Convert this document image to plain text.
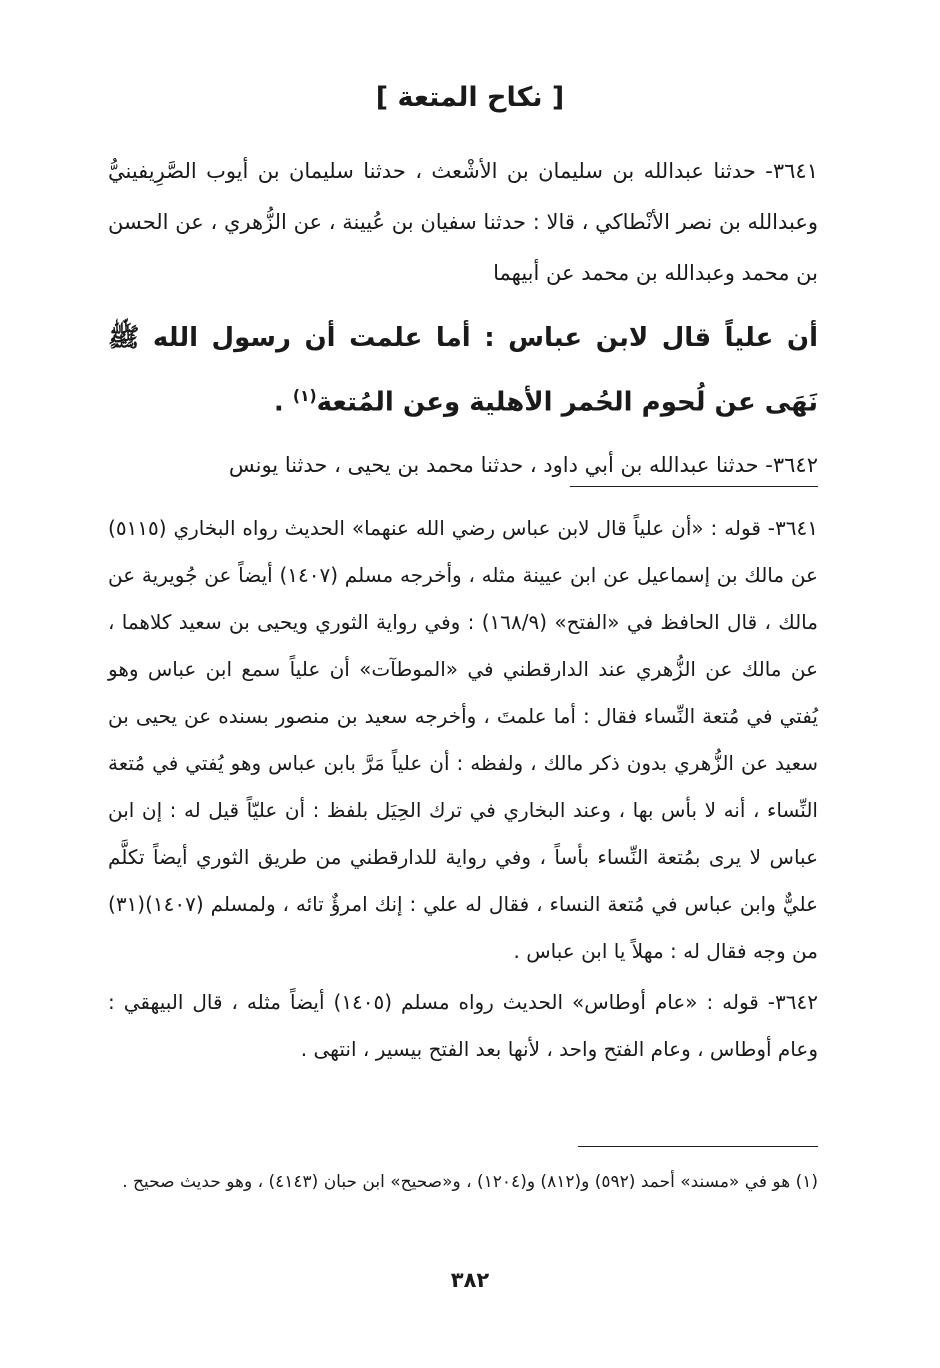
[ نكاح المتعة ]

٣٦٤١- حدثنا عبدالله بن سليمان بن الأشْعث ، حدثنا سليمان بن أيوب الصَّرِيفينيُّ وعبدالله بن نصر الأنْطاكي ، قالا : حدثنا سفيان بن عُيينة ، عن الزُّهري ، عن الحسن بن محمد وعبدالله بن محمد عن أبيهما

أن علياً قال لابن عباس : أما علمت أن رسول الله ﷺ نَهَى عن لُحوم الحُمر الأهلية وعن المُتعة$^{(١)}$ .

٣٦٤٢- حدثنا عبدالله بن أبي داود ، حدثنا محمد بن يحيى ، حدثنا يونس

٣٦٤١- قوله : «أن علياً قال لابن عباس رضي الله عنهما» الحديث رواه البخاري (٥١١٥) عن مالك بن إسماعيل عن ابن عيينة مثله ، وأخرجه مسلم (١٤٠٧) أيضاً عن جُويرية عن مالك ، قال الحافظ في «الفتح» (١٦٨/٩) : وفي رواية الثوري ويحيى بن سعيد كلاهما ، عن مالك عن الزُّهري عند الدارقطني في «الموطآت» أن علياً سمع ابن عباس وهو يُفتي في مُتعة النِّساء فقال : أما علمتَ ، وأخرجه سعيد بن منصور بسنده عن يحيى بن سعيد عن الزُّهري بدون ذكر مالك ، ولفظه : أن علياً مَرَّ بابن عباس وهو يُفتي في مُتعة النِّساء ، أنه لا بأس بها ، وعند البخاري في ترك الحِيَل بلفظ : أن عليّاً قيل له : إن ابن عباس لا يرى بمُتعة النِّساء بأساً ، وفي رواية للدارقطني من طريق الثوري أيضاً تكلَّم عليٌّ وابن عباس في مُتعة النساء ، فقال له علي : إنك امرؤٌ تائه ، ولمسلم (١٤٠٧)(٣١) من وجه فقال له : مهلاً يا ابن عباس .

٣٦٤٢- قوله : «عام أوطاس» الحديث رواه مسلم (١٤٠٥) أيضاً مثله ، قال البيهقي : وعام أوطاس ، وعام الفتح واحد ، لأنها بعد الفتح بيسير ، انتهى .

(١) هو في «مسند» أحمد (٥٩٢) و(٨١٢) و(١٢٠٤) ، و«صحيح» ابن حبان (٤١٤٣) ، وهو حديث صحيح .

٣٨٢
